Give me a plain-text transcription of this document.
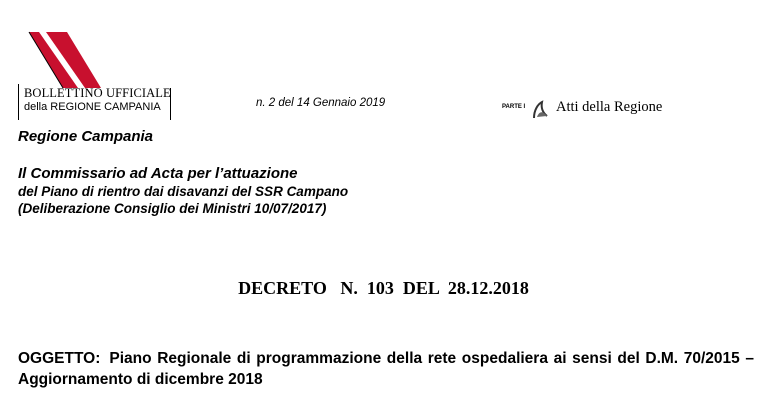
BOLLETTINO UFFICIALE
della REGIONE CAMPANIA	n. 2 del 14 Gennaio 2019	PARTE I Atti della Regione
Regione Campania
Il Commissario ad Acta per l’attuazione
del Piano di rientro dai disavanzi del SSR Campano
(Deliberazione Consiglio dei Ministri 10/07/2017)
DECRETO   N.  103  DEL  28.12.2018
OGGETTO: Piano Regionale di programmazione della rete ospedaliera ai sensi del D.M. 70/2015 – Aggiornamento di dicembre 2018
